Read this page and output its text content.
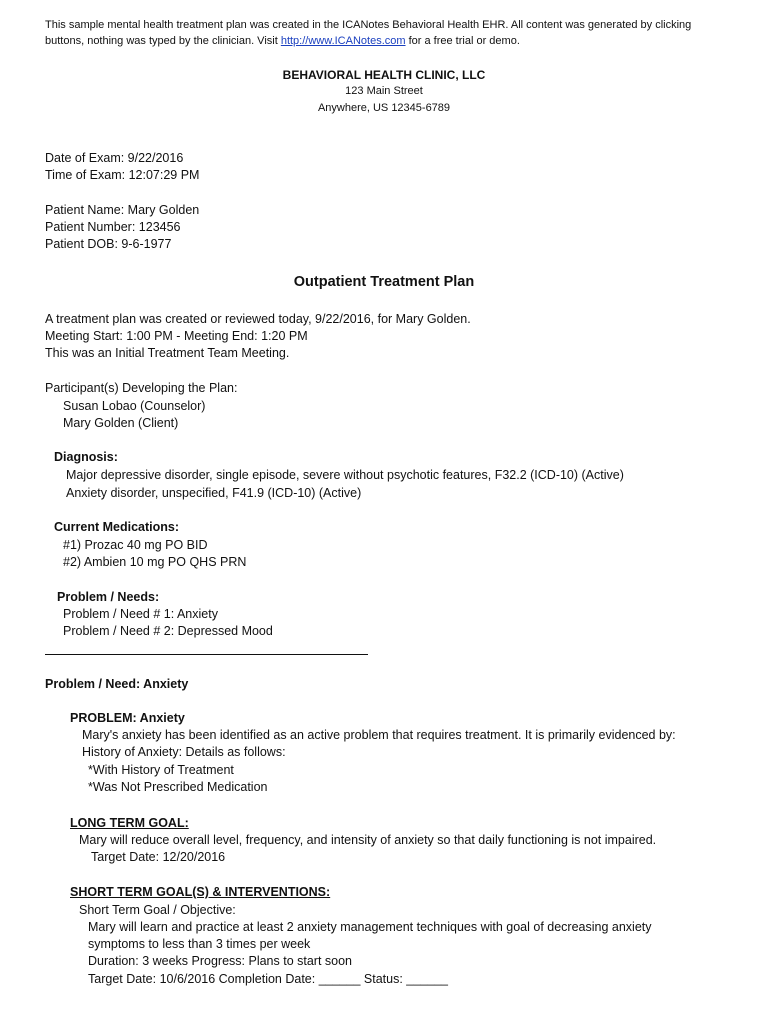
This sample mental health treatment plan was created in the ICANotes Behavioral Health EHR. All content was generated by clicking
buttons, nothing was typed by the clinician. Visit http://www.ICANotes.com for a free trial or demo.
BEHAVIORAL HEALTH CLINIC, LLC
123 Main Street
Anywhere, US 12345-6789
Date of Exam: 9/22/2016
Time of Exam: 12:07:29 PM
Patient Name: Mary Golden
Patient Number: 123456
Patient DOB: 9-6-1977
Outpatient Treatment Plan
A treatment plan was created or reviewed today, 9/22/2016, for Mary Golden.
Meeting Start: 1:00 PM - Meeting End: 1:20 PM
This was an Initial Treatment Team Meeting.
Participant(s) Developing the Plan:
Susan Lobao (Counselor)
Mary Golden (Client)
Diagnosis:
Major depressive disorder, single episode, severe without psychotic features, F32.2 (ICD-10) (Active)
Anxiety disorder, unspecified, F41.9 (ICD-10) (Active)
Current Medications:
#1) Prozac 40 mg PO BID
#2) Ambien 10 mg PO QHS PRN
Problem / Needs:
Problem / Need # 1: Anxiety
Problem / Need # 2: Depressed Mood
Problem / Need: Anxiety
PROBLEM: Anxiety
Mary's anxiety has been identified as an active problem that requires treatment. It is primarily evidenced by:
History of Anxiety: Details as follows:
*With History of Treatment
*Was Not Prescribed Medication
LONG TERM GOAL:
Mary will reduce overall level, frequency, and intensity of anxiety so that daily functioning is not impaired.
Target Date: 12/20/2016
SHORT TERM GOAL(S) & INTERVENTIONS:
Short Term Goal / Objective:
Mary will learn and practice at least 2 anxiety management techniques with goal of decreasing anxiety
symptoms to less than 3 times per week
Duration: 3 weeks Progress: Plans to start soon
Target Date: 10/6/2016 Completion Date: ______ Status: ______
